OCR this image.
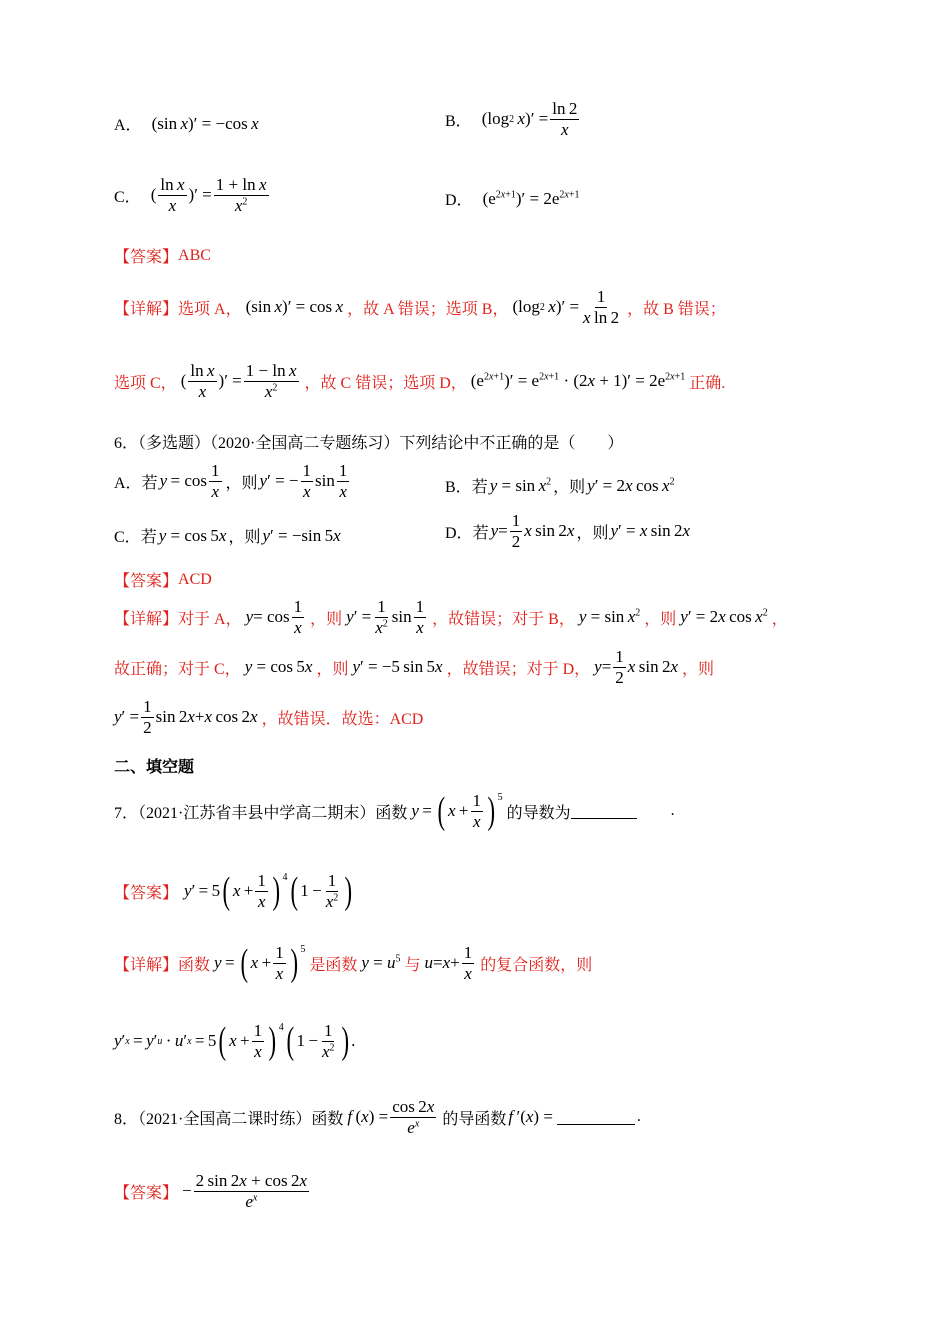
A． (sin x)′ = −cos x	B． (log 2
  x )′ = $\frac{\ln 2}{x}$
C． ( $\frac{\text{ln x}}{x}$ )′ = $\frac{\text{1 + ln x}}{x^2}$	D． $(e^{2x+1})' = 2e^{2x+1}$
【答案】 ABC
【详解】 选项 A， (sin x)′ = cos x ，故 A 错误；选项 B， (log 2
  x )′ = $\frac{1}{\text{x ln 2}}$ ，故 B 错误；
选项 C， ( $\frac{\text{ln x}}{x}$ )′ = $\frac{\text{1 − ln x}}{x^2}$ ，故 C 错误；选项 D， $(e^{2x+1})' = e^{2x+1} \cdot (2x + 1)' = 2e^{2x+1}$ 正确.
6．（多选题）（2020·全国高二专题练习）下列结论中不正确的是（　　）
A． 若 $y = \cos \frac{1}{x}$ ，则 y ′ = − $\frac{1}{x}$ $\sin \frac{1}{x}$	B． 若 $y = \sin x^2$ ，则 y′ = 2x $\cos x^2$
C． 若 y = cos 5x ，则 y′ = −sin 5x	D． 若 $y = \frac{1}{2}$ x  sin 2 x ，则 y′ = x sin 2x
【答案】 ACD
【详解】 对于 A， $y = \cos \frac{1}{x}$ ，则 y ′ = $\frac{1}{x^2}$ $\sin \frac{1}{x}$ ，故错误；对于 B， $y = \sin x^2$ ，则 y′ = 2x $\cos x^2$ ，
故正确；对于 C， y = cos 5x ，则 y′ = −5 sin 5x ，故错误；对于 D， $y = \frac{1}{2}$ x  sin 2 x ，则
y ′ = $\frac{1}{2}$ sin 2 x + x  cos 2 x ，故错误．故选：ACD
二、填空题
7．（2021·江苏省丰县中学高二期末）函数 y  =  ( $x + \frac{1}{x}$ ) $^5$
的导数为	.
【答案】 y ′ = 5 ( $x + \frac{1}{x}$ ) $^4$ ( $1 - \frac{1}{x^2}$ )
【详解】 函数 y  =  ( $x + \frac{1}{x}$ ) $^5$
是函数 $y = u^5$ 与 $u = x + \frac{1}{x}$ 的复合函数，则
y ′ x  =  y ′ u  ·  u ′ x  = 5 ( $x + \frac{1}{x}$ ) $^4$ ( $1 - \frac{1}{x^2}$ ) .
8．（2021·全国高二课时练）函数 f  ( x ) = $\frac{\cos 2x}{e^x}$ 的导函数 f ′(x) =	.
【答案】 − $\frac{2 \sin 2x + \cos 2x}{e^x}$
